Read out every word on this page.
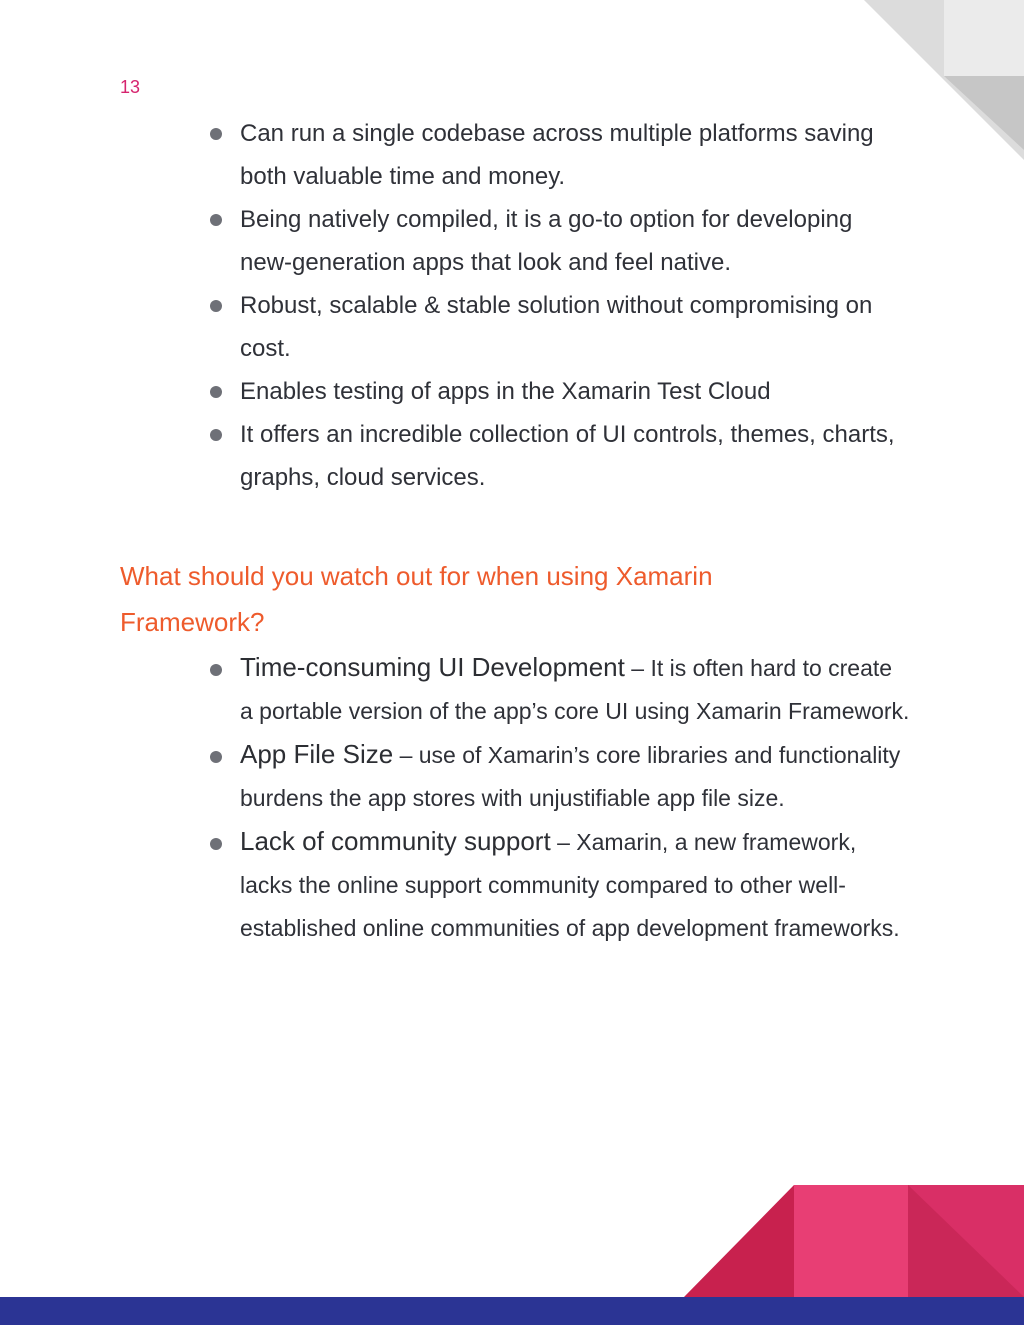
13
Can run a single codebase across multiple platforms saving both valuable time and money.
Being natively compiled, it is a go-to option for developing new-generation apps that look and feel native.
Robust, scalable & stable solution without compromising on cost.
Enables testing of apps in the Xamarin Test Cloud
It offers an incredible collection of UI controls, themes, charts, graphs, cloud services.
What should you watch out for when using Xamarin Framework?
Time-consuming UI Development – It is often hard to create a portable version of the app’s core UI using Xamarin Framework.
App File Size – use of Xamarin’s core libraries and functionality burdens the app stores with unjustifiable app file size.
Lack of community support – Xamarin, a new framework, lacks the online support community compared to other well-established online communities of app development frameworks.
